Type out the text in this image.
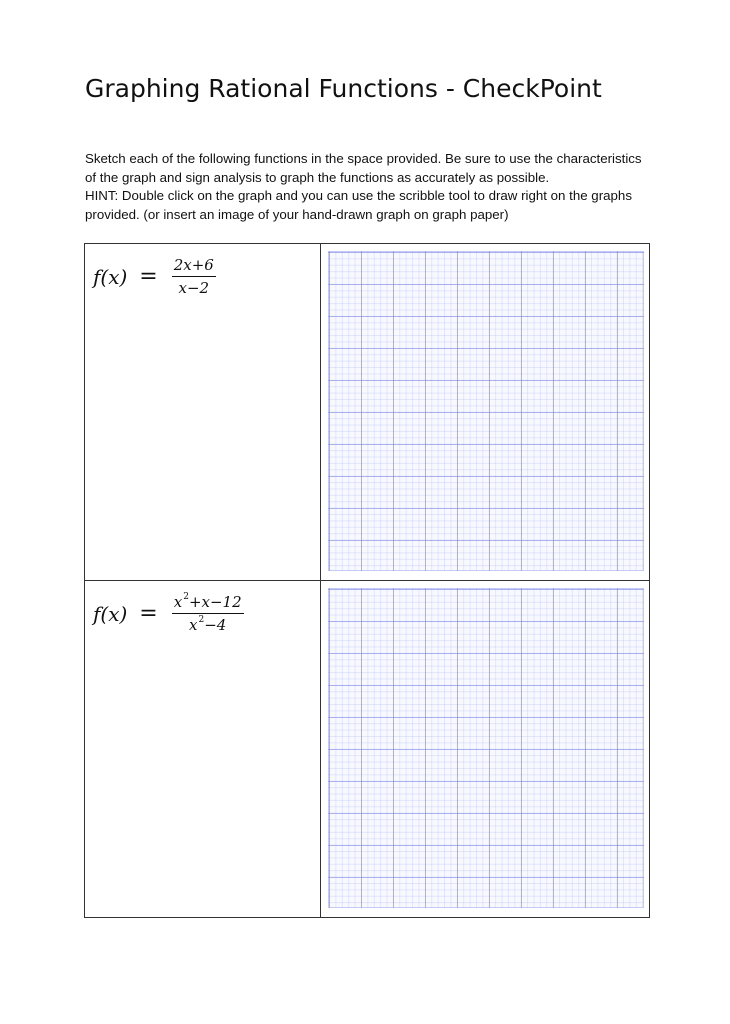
Graphing Rational Functions - CheckPoint

Sketch each of the following functions in the space provided. Be sure to use the characteristics of the graph and sign analysis to graph the functions as accurately as possible.

HINT: Double click on the graph and you can use the scribble tool to draw right on the graphs provided. (or insert an image of your hand-drawn graph on graph paper)

$f(x) = \frac{2x+6}{x-2}$

$f(x) = \frac{x^2+x-12}{x^2-4}$
